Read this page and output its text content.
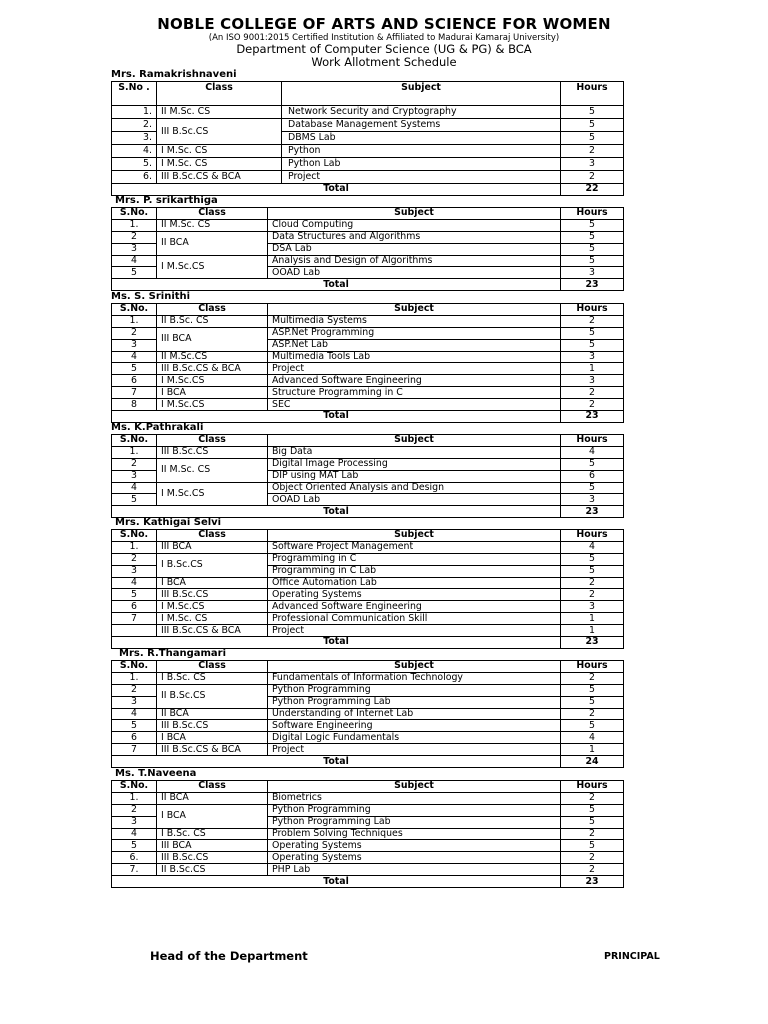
NOBLE COLLEGE OF ARTS AND SCIENCE FOR WOMEN
(An ISO 9001:2015 Certified Institution & Affiliated to Madurai Kamaraj University)
Department of Computer Science (UG & PG) & BCA
Work Allotment Schedule
Mrs. Ramakrishnaveni
S.No .	Class	Subject	Hours
1.	II M.Sc. CS	Network Security and Cryptography	5
2.	III B.Sc.CS	Database Management Systems	5
3.		DBMS Lab	5
4.	I M.Sc. CS	Python	2
5.	I M.Sc. CS	Python Lab	3
6.	III B.Sc.CS & BCA	Project	2
Total			22
Mrs. P. srikarthiga
S.No.	Class	Subject	Hours
1.	II M.Sc. CS	Cloud Computing	5
2	II BCA	Data Structures and Algorithms	5
3		DSA Lab	5
4	I M.Sc.CS	Analysis and Design of Algorithms	5
5		OOAD Lab	3
Total			23
Ms. S. Srinithi
S.No.	Class	Subject	Hours
1.	II B.Sc. CS	Multimedia Systems	2
2	III BCA	ASP.Net Programming	5
3		ASP.Net Lab	5
4	II M.Sc.CS	Multimedia Tools Lab	3
5	III B.Sc.CS & BCA	Project	1
6	I M.Sc.CS	Advanced Software Engineering	3
7	I BCA	Structure Programming in C	2
8	I M.Sc.CS	SEC	2
Total			23
Ms. K.Pathrakali
S.No.	Class	Subject	Hours
1.	III B.Sc.CS	Big Data	4
2	II M.Sc. CS	Digital Image Processing	5
3		DIP using MAT Lab	6
4	I M.Sc.CS	Object Oriented Analysis and Design	5
5		OOAD Lab	3
Total			23
Mrs. Kathigai Selvi
S.No.	Class	Subject	Hours
1.	III BCA	Software Project Management	4
2	I B.Sc.CS	Programming in C	5
3		Programming in C Lab	5
4	I BCA	Office Automation Lab	2
5	III B.Sc.CS	Operating Systems	2
6	I M.Sc.CS	Advanced Software Engineering	3
7	I M.Sc. CS	Professional Communication Skill	1
	III B.Sc.CS & BCA	Project	1
Total			23
Mrs. R.Thangamari
S.No.	Class	Subject	Hours
1.	I B.Sc. CS	Fundamentals of Information Technology	2
2	II B.Sc.CS	Python Programming	5
3		Python Programming Lab	5
4	II BCA	Understanding of Internet Lab	2
5	III B.Sc.CS	Software Engineering	5
6	I BCA	Digital Logic Fundamentals	4
7	III B.Sc.CS & BCA	Project	1
Total			24
Ms. T.Naveena
S.No.	Class	Subject	Hours
1.	II BCA	Biometrics	2
2	I BCA	Python Programming	5
3		Python Programming Lab	5
4	I B.Sc. CS	Problem Solving Techniques	2
5	III BCA	Operating Systems	5
6.	III B.Sc.CS	Operating Systems	2
7.	II B.Sc.CS	PHP Lab	2
Total			23
Head of the Department	PRINCIPAL
